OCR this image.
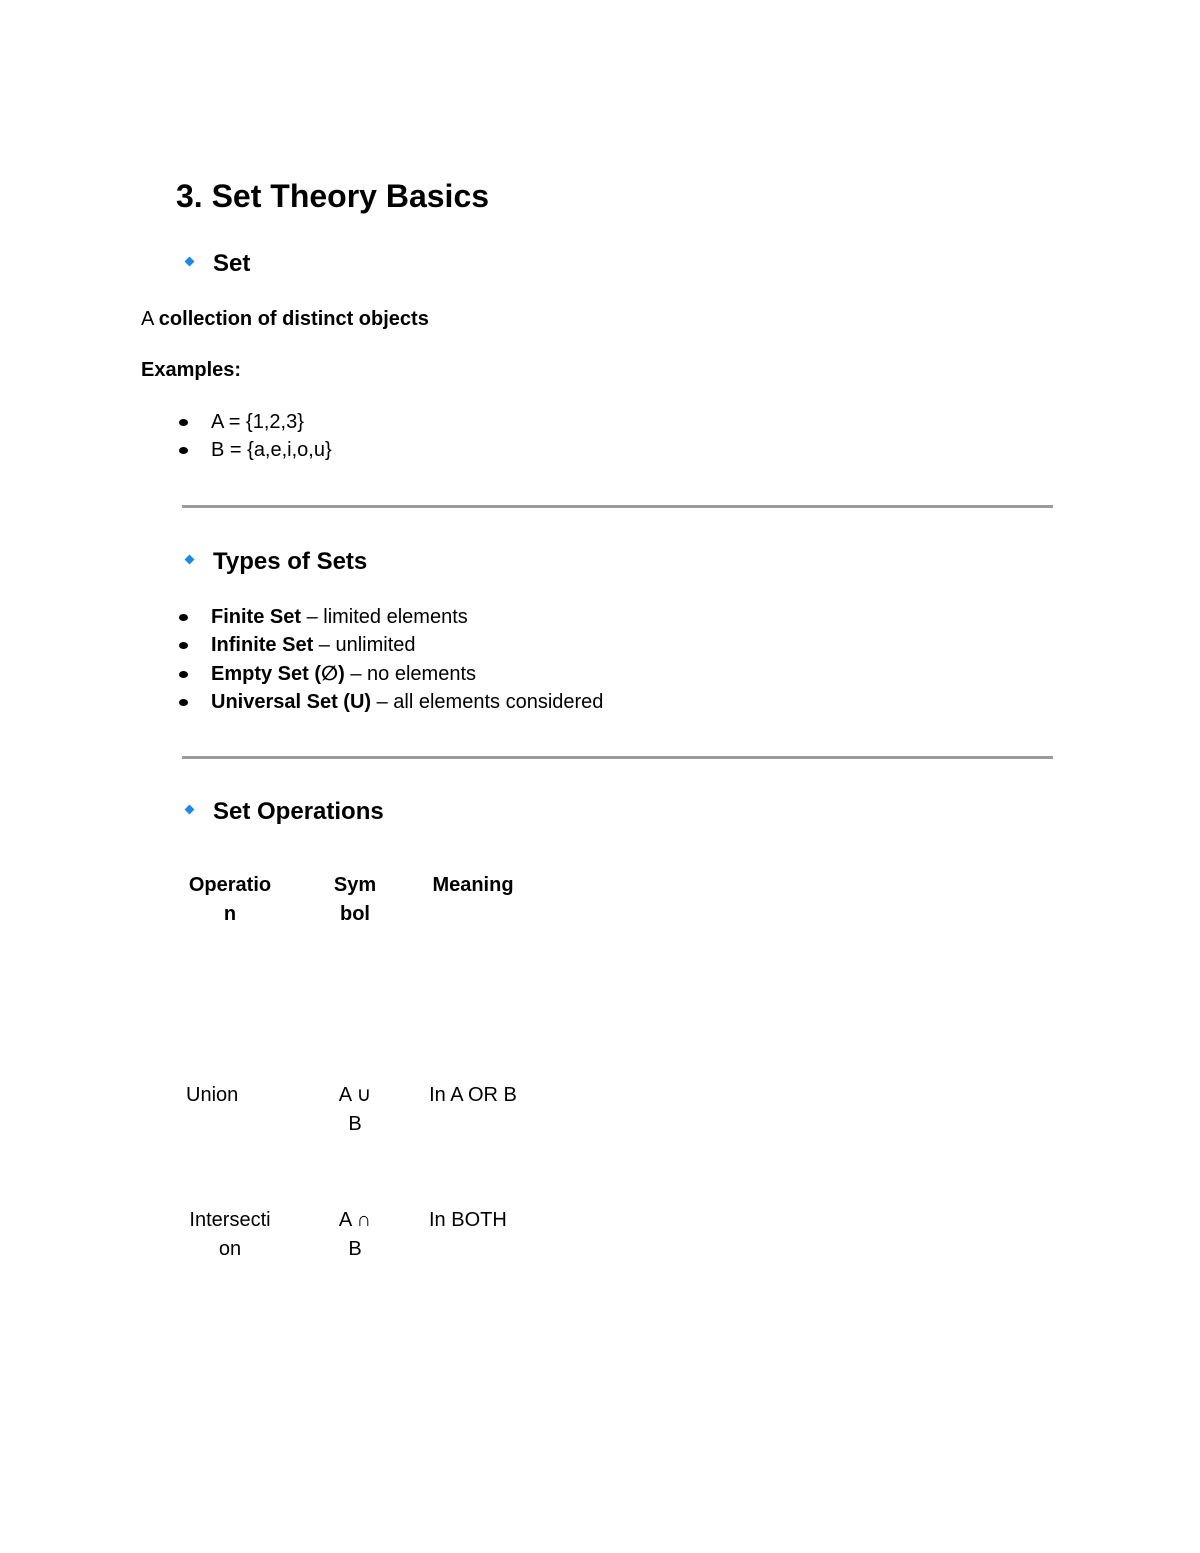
3. Set Theory Basics
Set
A collection of distinct objects
Examples:
A = {1,2,3}
B = {a,e,i,o,u}
Types of Sets
Finite Set – limited elements
Infinite Set – unlimited
Empty Set (∅) – no elements
Universal Set (U) – all elements considered
Set Operations
Operation
Symbol
Meaning
Union	A ∪ B
In A OR B
Intersection
A ∩ B
In BOTH
